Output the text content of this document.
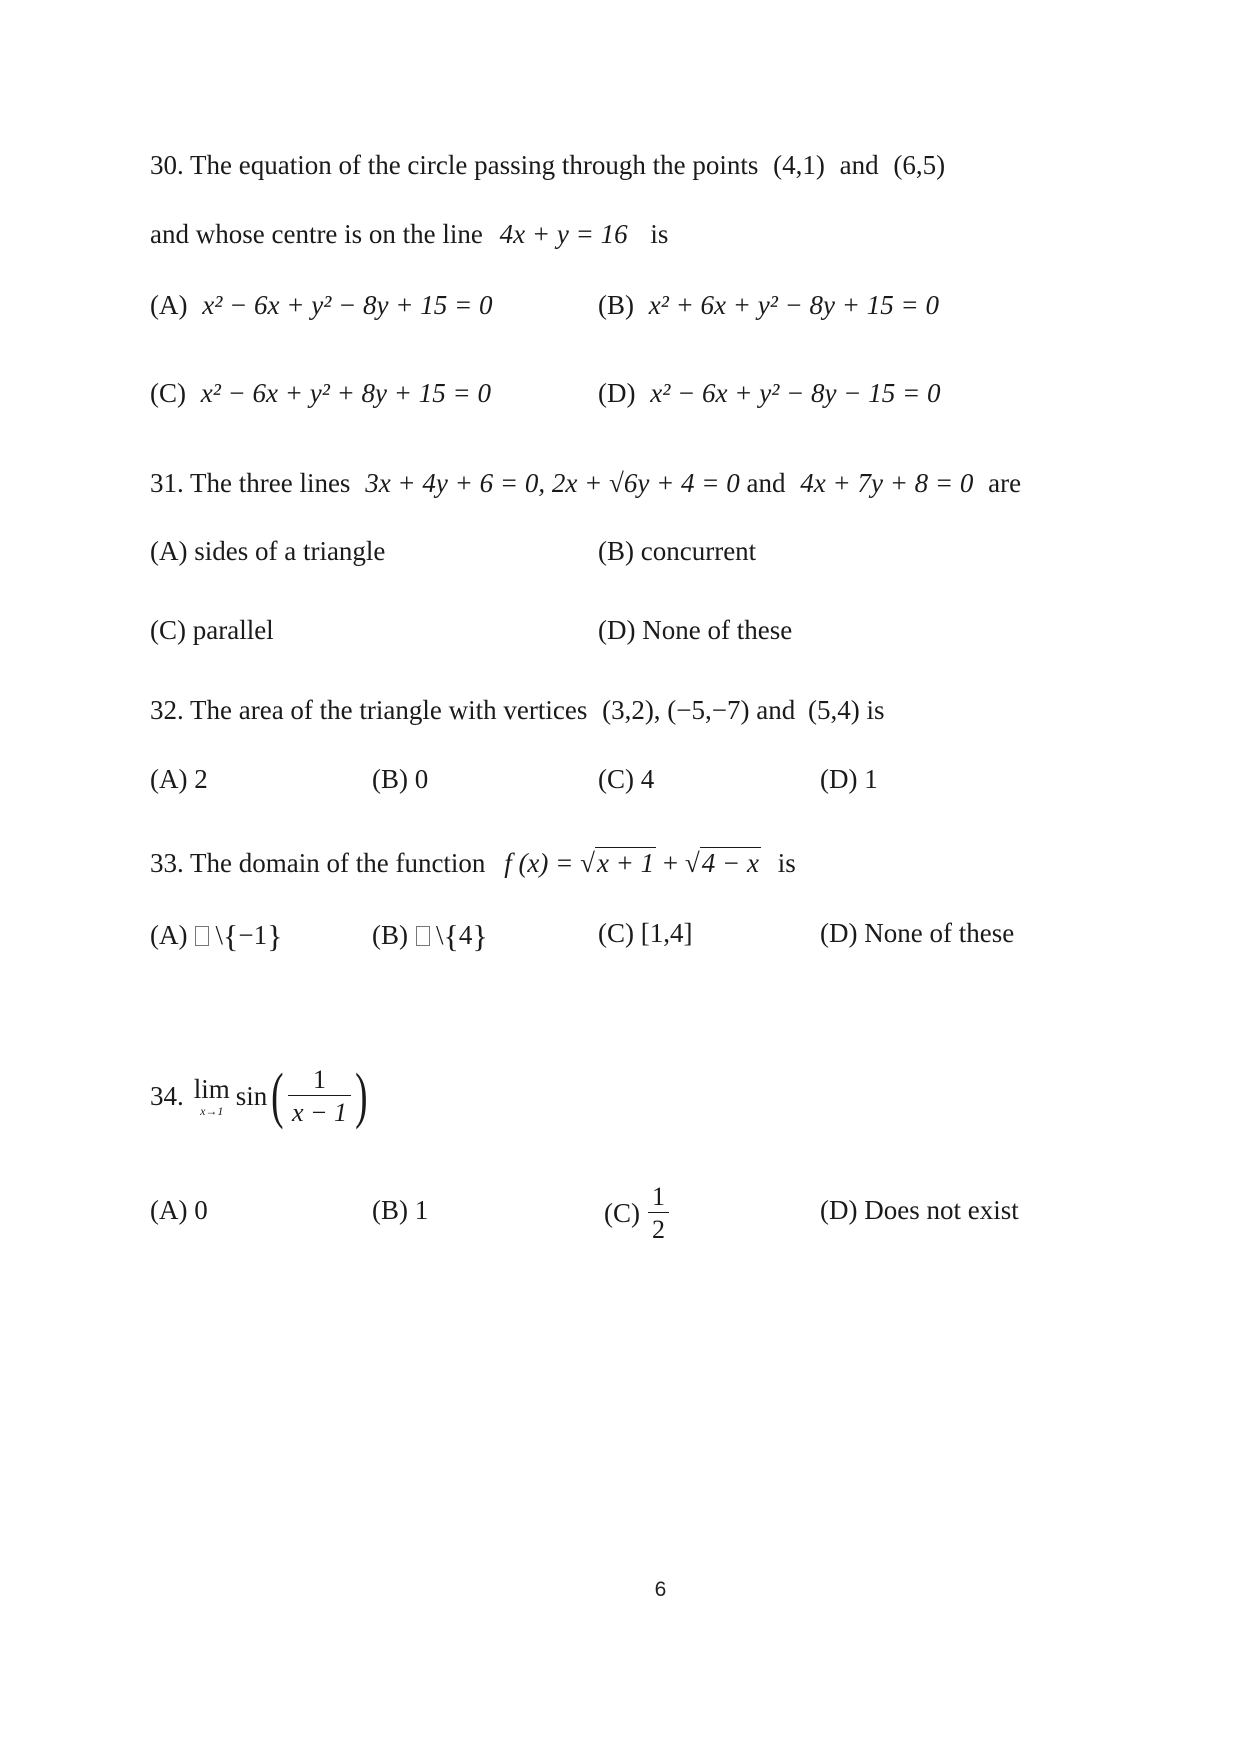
30. The equation of the circle passing through the points (4,1) and (6,5)
and whose centre is on the line 4x + y = 16 is
(A) x² − 6x + y² − 8y + 15 = 0	(B) x² + 6x + y² − 8y + 15 = 0
(C) x² − 6x + y² + 8y + 15 = 0	(D) x² − 6x + y² − 8y − 15 = 0
31. The three lines 3x + 4y + 6 = 0, 2x + √6y + 4 = 0 and 4x + 7y + 8 = 0 are
(A) sides of a triangle	(B) concurrent
(C) parallel	(D) None of these
32. The area of the triangle with vertices (3,2), (−5,−7) and (5,4) is
(A) 2	(B) 0	(C) 4	(D) 1
33. The domain of the function f (x) = √x + 1 + √4 − x is
(A) \{−1}	(B) \{4}	(C) [1,4]	(D) None of these
34. lim
x→1 sin ( $\frac{1}{x - 1}$ )
(A) 0	(B) 1	$(C) \frac{1}{2}$	(D) Does not exist
6
